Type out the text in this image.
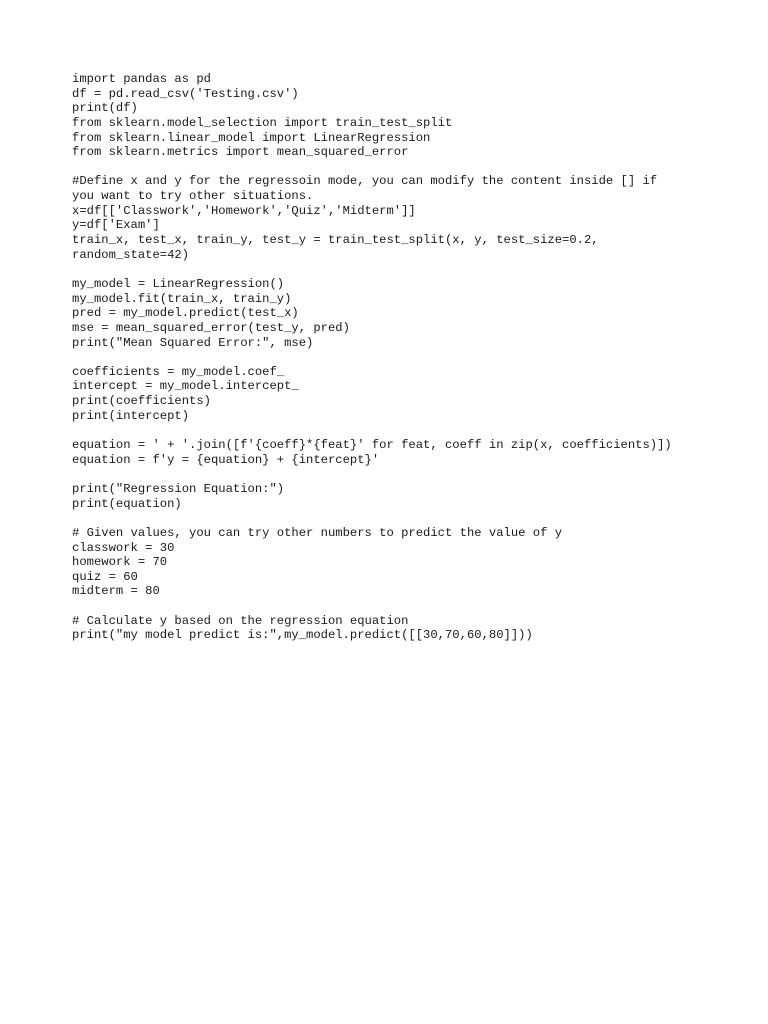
import pandas as pd
df = pd.read_csv('Testing.csv')
print(df)
from sklearn.model_selection import train_test_split
from sklearn.linear_model import LinearRegression
from sklearn.metrics import mean_squared_error
#Define x and y for the regressoin mode, you can modify the content inside [] if
you want to try other situations.
x=df[['Classwork','Homework','Quiz','Midterm']]
y=df['Exam']
train_x, test_x, train_y, test_y = train_test_split(x, y, test_size=0.2,
random_state=42)
my_model = LinearRegression()
my_model.fit(train_x, train_y)
pred = my_model.predict(test_x)
mse = mean_squared_error(test_y, pred)
print("Mean Squared Error:", mse)
coefficients = my_model.coef_
intercept = my_model.intercept_
print(coefficients)
print(intercept)
equation = ' + '.join([f'{coeff}*{feat}' for feat, coeff in zip(x, coefficients)])
equation = f'y = {equation} + {intercept}'
print("Regression Equation:")
print(equation)
# Given values, you can try other numbers to predict the value of y
classwork = 30
homework = 70
quiz = 60
midterm = 80
# Calculate y based on the regression equation
print("my model predict is:",my_model.predict([[30,70,60,80]]))
